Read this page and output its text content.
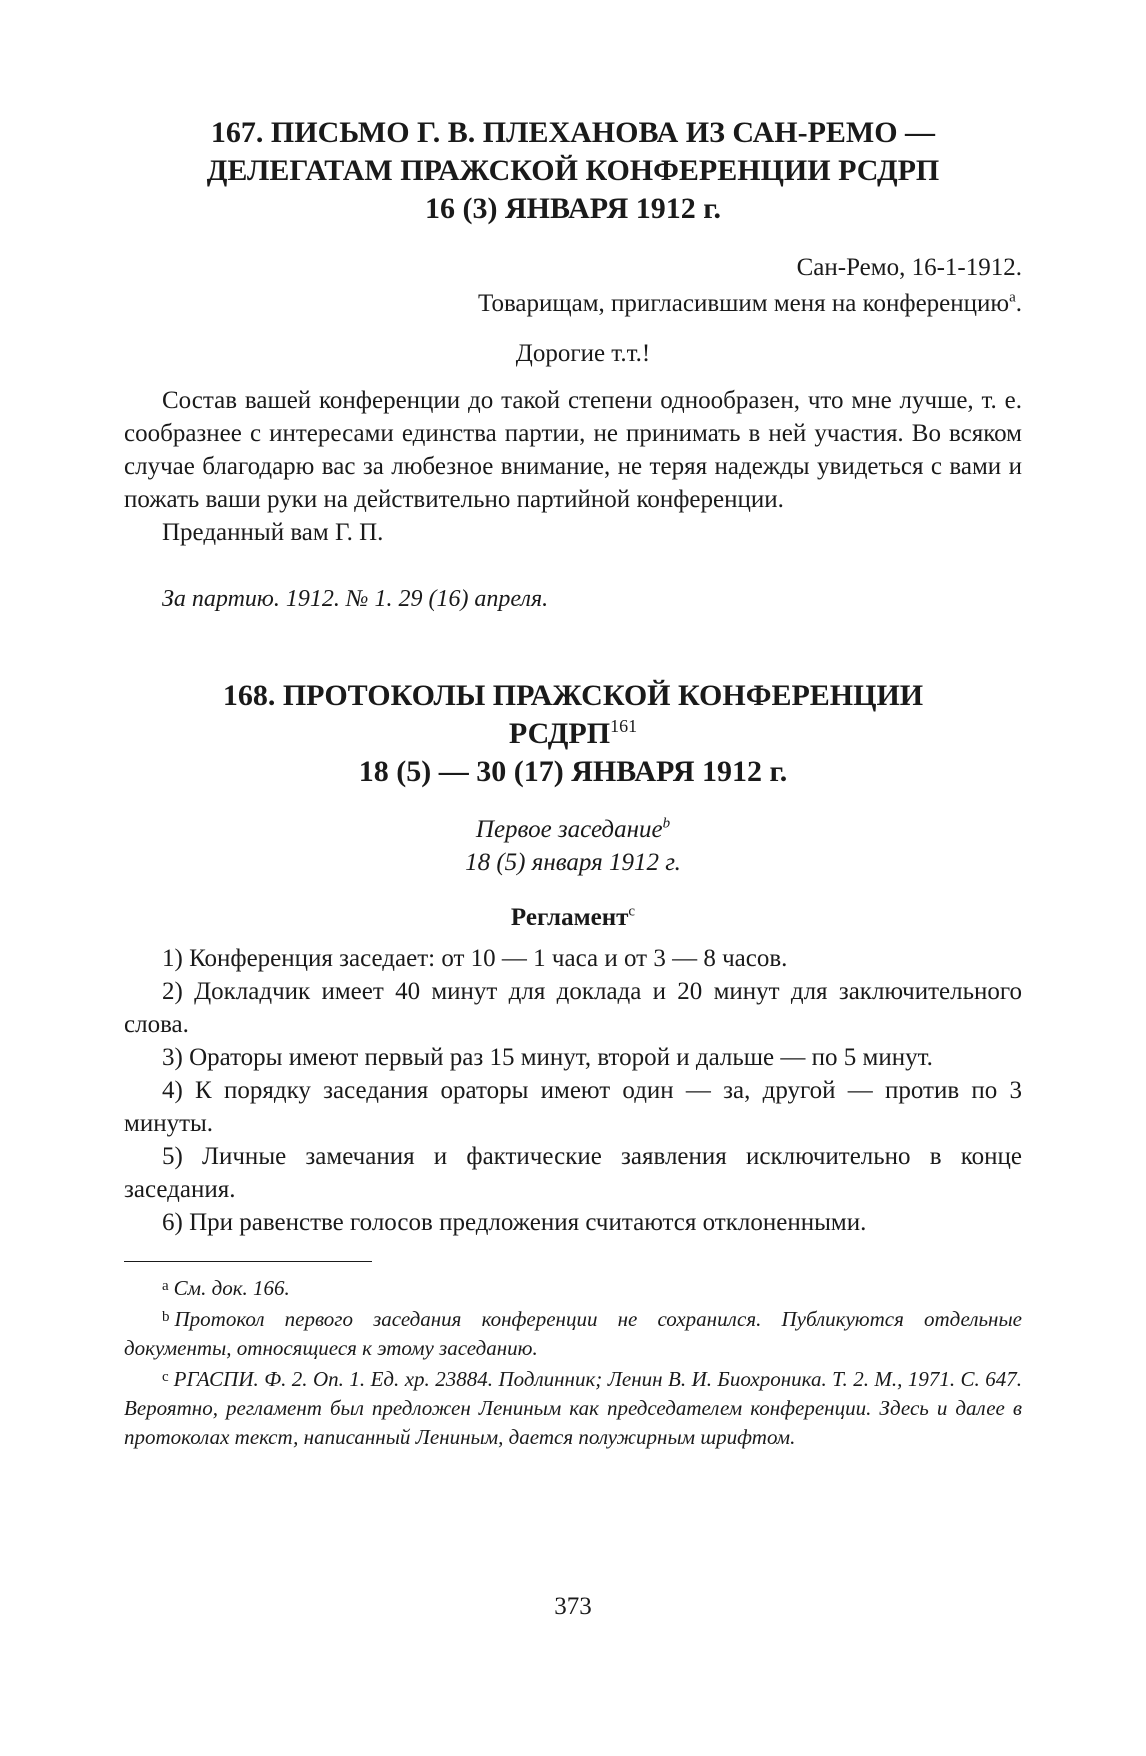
167. ПИСЬМО Г. В. ПЛЕХАНОВА ИЗ САН-РЕМО —
ДЕЛЕГАТАМ ПРАЖСКОЙ КОНФЕРЕНЦИИ РСДРП
16 (3) ЯНВАРЯ 1912 г.
Сан-Ремо, 16-1-1912.
Товарищам, пригласившим меня на конференцию$^a$.
Дорогие т.т.!

Состав вашей конференции до такой степени однообразен, что мне лучше, т. е. сообразнее с интересами единства партии, не принимать в ней участия. Во всяком случае благодарю вас за любезное внимание, не теряя надежды увидеться с вами и пожать ваши руки на действительно партийной конференции.

Преданный вам Г. П.

За партию. 1912. № 1. 29 (16) апреля.
168. ПРОТОКОЛЫ ПРАЖСКОЙ КОНФЕРЕНЦИИ
РСДРП$^{161}$
18 (5) — 30 (17) ЯНВАРЯ 1912 г.
Первое заседание$^b$
18 (5) января 1912 г.
Регламент$^c$

1) Конференция заседает: от 10 — 1 часа и от 3 — 8 часов.

2) Докладчик имеет 40 минут для доклада и 20 минут для заключительного слова.

3) Ораторы имеют первый раз 15 минут, второй и дальше — по 5 минут.

4) К порядку заседания ораторы имеют один — за, другой — против по 3 минуты.

5) Личные замечания и фактические заявления исключительно в конце заседания.

6) При равенстве голосов предложения считаются отклоненными.

$^a$ См. док. 166.

$^b$ Протокол первого заседания конференции не сохранился. Публикуются отдельные документы, относящиеся к этому заседанию.

$^c$ РГАСПИ. Ф. 2. Оп. 1. Ед. хр. 23884. Подлинник; Ленин В. И. Биохроника. Т. 2. М., 1971. С. 647. Вероятно, регламент был предложен Лениным как председателем конференции. Здесь и далее в протоколах текст, написанный Лениным, дается полужирным шрифтом.

373
